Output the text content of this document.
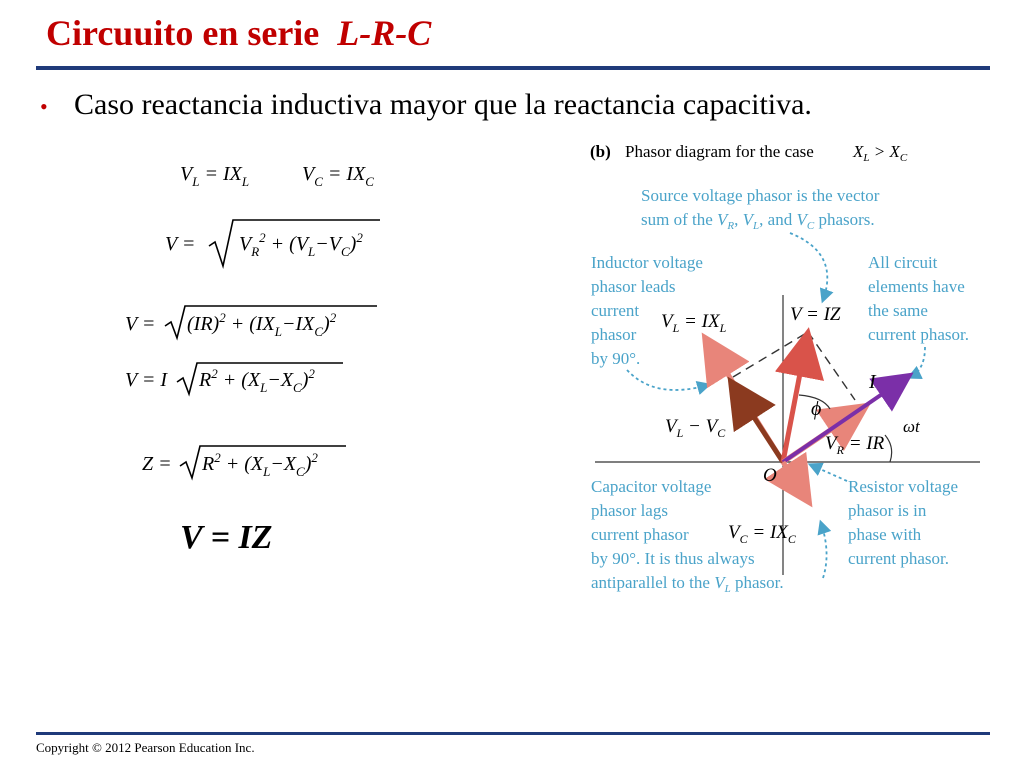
Circuuito en serie L-R-C
• Caso reactancia inductiva mayor que la reactancia capacitiva.
$V_L = IX_L$	$V_C = IX_C$
$V = V_R^2 + (V_L-V_C)^2$
$V = (IR)^2 + (IX_L-IX_C)^2$
V = I $R^2 + (X_L-X_C)^2$
$Z = R^2 + (X_L-X_C)^2$
V = IZ
(b) Phasor diagram for the case $X_L > X_C$
Source voltage phasor is the vector
sum of the $V_R$, $V_L$, and $V_C$ phasors.
Inductor voltage
phasor leads
current
phasor
by 90°.
All circuit
elements have
the same
current phasor.
$V_L = IX_L$
V = IZ
$V_L - V_C$
ϕ
I
ωt
$V_R$ = IR
O
$V_C = IX_C$
Capacitor voltage
phasor lags
current phasor
by 90°. It is thus always
antiparallel to the $V_L$ phasor.
Resistor voltage
phasor is in
phase with
current phasor.
Copyright © 2012 Pearson Education Inc.
